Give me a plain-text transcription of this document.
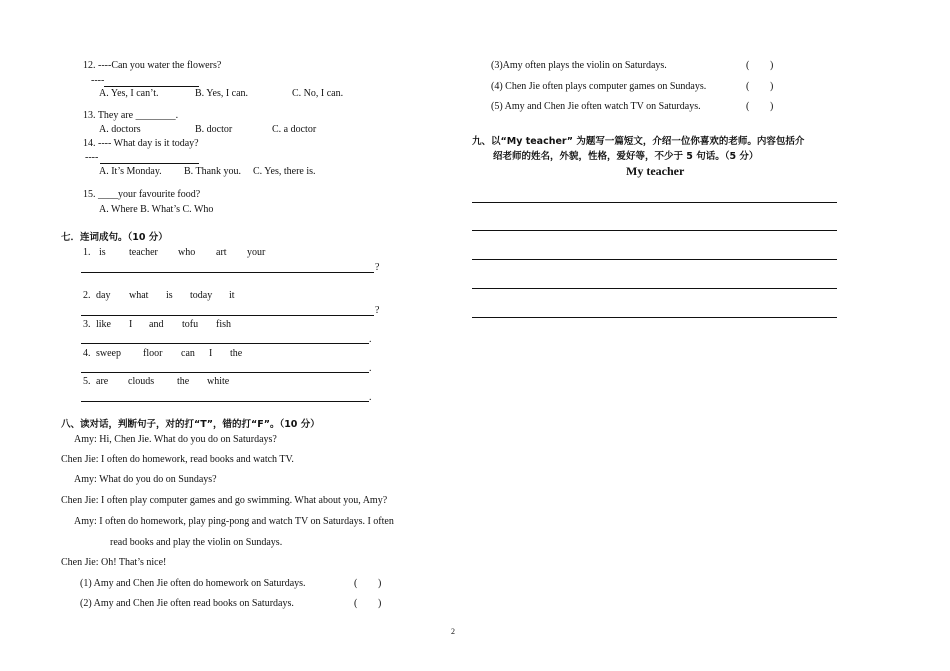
12. ----Can you water the flowers?
----
A. Yes, I can’t.	B. Yes, I can.	C. No, I can.
13. They are ________.
A. doctors	B. doctor	C. a doctor
14. ---- What day is it today?
----
A. It’s Monday. B. Thank you. C. Yes, there is.
15. ____your favourite food?
A. Where B. What’s C. Who
七．连词成句。（10 分）
1. is teacher who art your
?
2. day what is today it
?
3. like I and tofu fish
.
4. sweep floor can I the
.
5. are clouds the white
.
八、读对话，判断句子，对的打“T”，错的打“F”。（10 分）
Amy: Hi, Chen Jie. What do you do on Saturdays?
Chen Jie: I often do homework, read books and watch TV.
Amy: What do you do on Sundays?
Chen Jie: I often play computer games and go swimming. What about you, Amy?
Amy: I often do homework, play ping-pong and watch TV on Saturdays. I often
read books and play the violin on Sundays.
Chen Jie: Oh! That’s nice!
(1) Amy and Chen Jie often do homework on Saturdays.	( )
(2) Amy and Chen Jie often read books on Saturdays.	( )
(3)Amy often plays the violin on Saturdays.	( )
(4) Chen Jie often plays computer games on Sundays.	( )
(5) Amy and Chen Jie often watch TV on Saturdays.	( )
九、以“My teacher” 为题写一篇短文，介绍一位你喜欢的老师。内容包括介
绍老师的姓名，外貌，性格，爱好等，不少于 5 句话。（5 分）
My teacher
2
